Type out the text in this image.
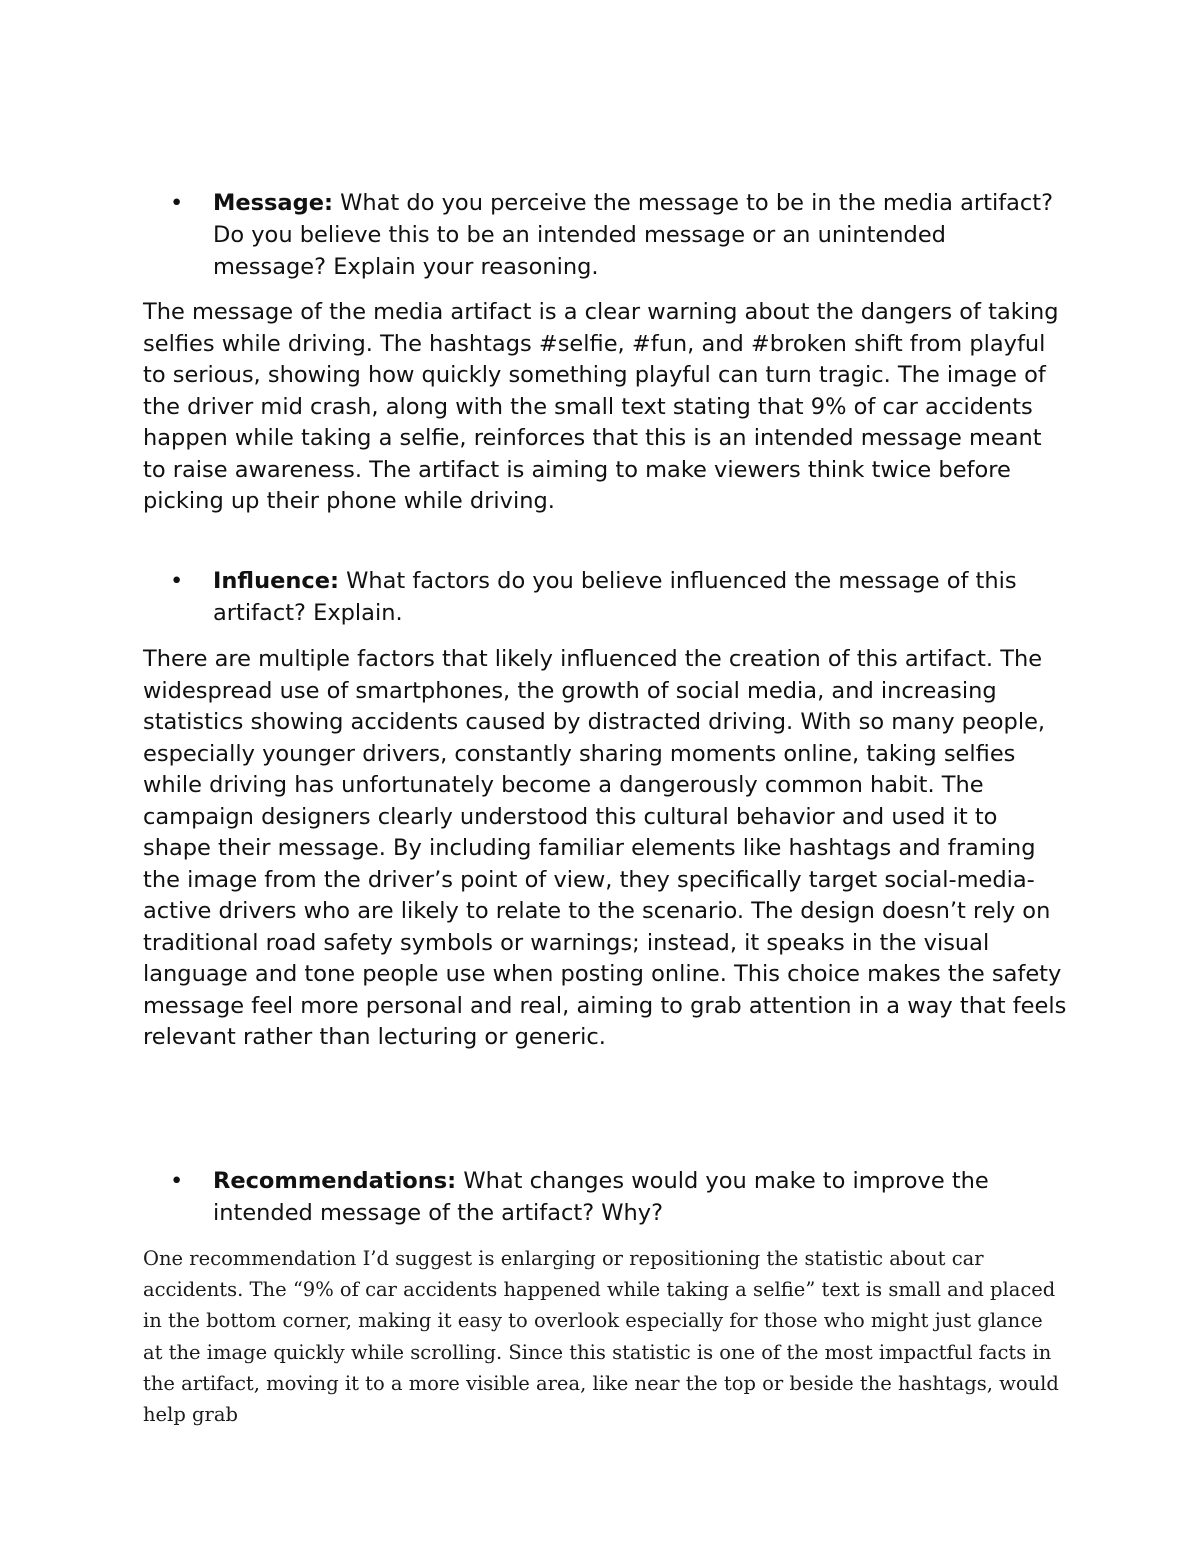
• Message: What do you perceive the message to be in the media artifact? Do you believe this to be an intended message or an unintended message? Explain your reasoning.
The message of the media artifact is a clear warning about the dangers of taking selfies while driving. The hashtags #selfie, #fun, and #broken shift from playful to serious, showing how quickly something playful can turn tragic. The image of the driver mid crash, along with the small text stating that 9% of car accidents happen while taking a selfie, reinforces that this is an intended message meant to raise awareness. The artifact is aiming to make viewers think twice before picking up their phone while driving.
• Influence: What factors do you believe influenced the message of this artifact? Explain.
There are multiple factors that likely influenced the creation of this artifact. The widespread use of smartphones, the growth of social media, and increasing statistics showing accidents caused by distracted driving. With so many people, especially younger drivers, constantly sharing moments online, taking selfies while driving has unfortunately become a dangerously common habit. The campaign designers clearly understood this cultural behavior and used it to shape their message. By including familiar elements like hashtags and framing the image from the driver’s point of view, they specifically target social-media-active drivers who are likely to relate to the scenario. The design doesn’t rely on traditional road safety symbols or warnings; instead, it speaks in the visual language and tone people use when posting online. This choice makes the safety message feel more personal and real, aiming to grab attention in a way that feels relevant rather than lecturing or generic.
• Recommendations: What changes would you make to improve the intended message of the artifact? Why?
One recommendation I’d suggest is enlarging or repositioning the statistic about car accidents. The “9% of car accidents happened while taking a selfie” text is small and placed in the bottom corner, making it easy to overlook especially for those who might just glance at the image quickly while scrolling. Since this statistic is one of the most impactful facts in the artifact, moving it to a more visible area, like near the top or beside the hashtags, would help grab
